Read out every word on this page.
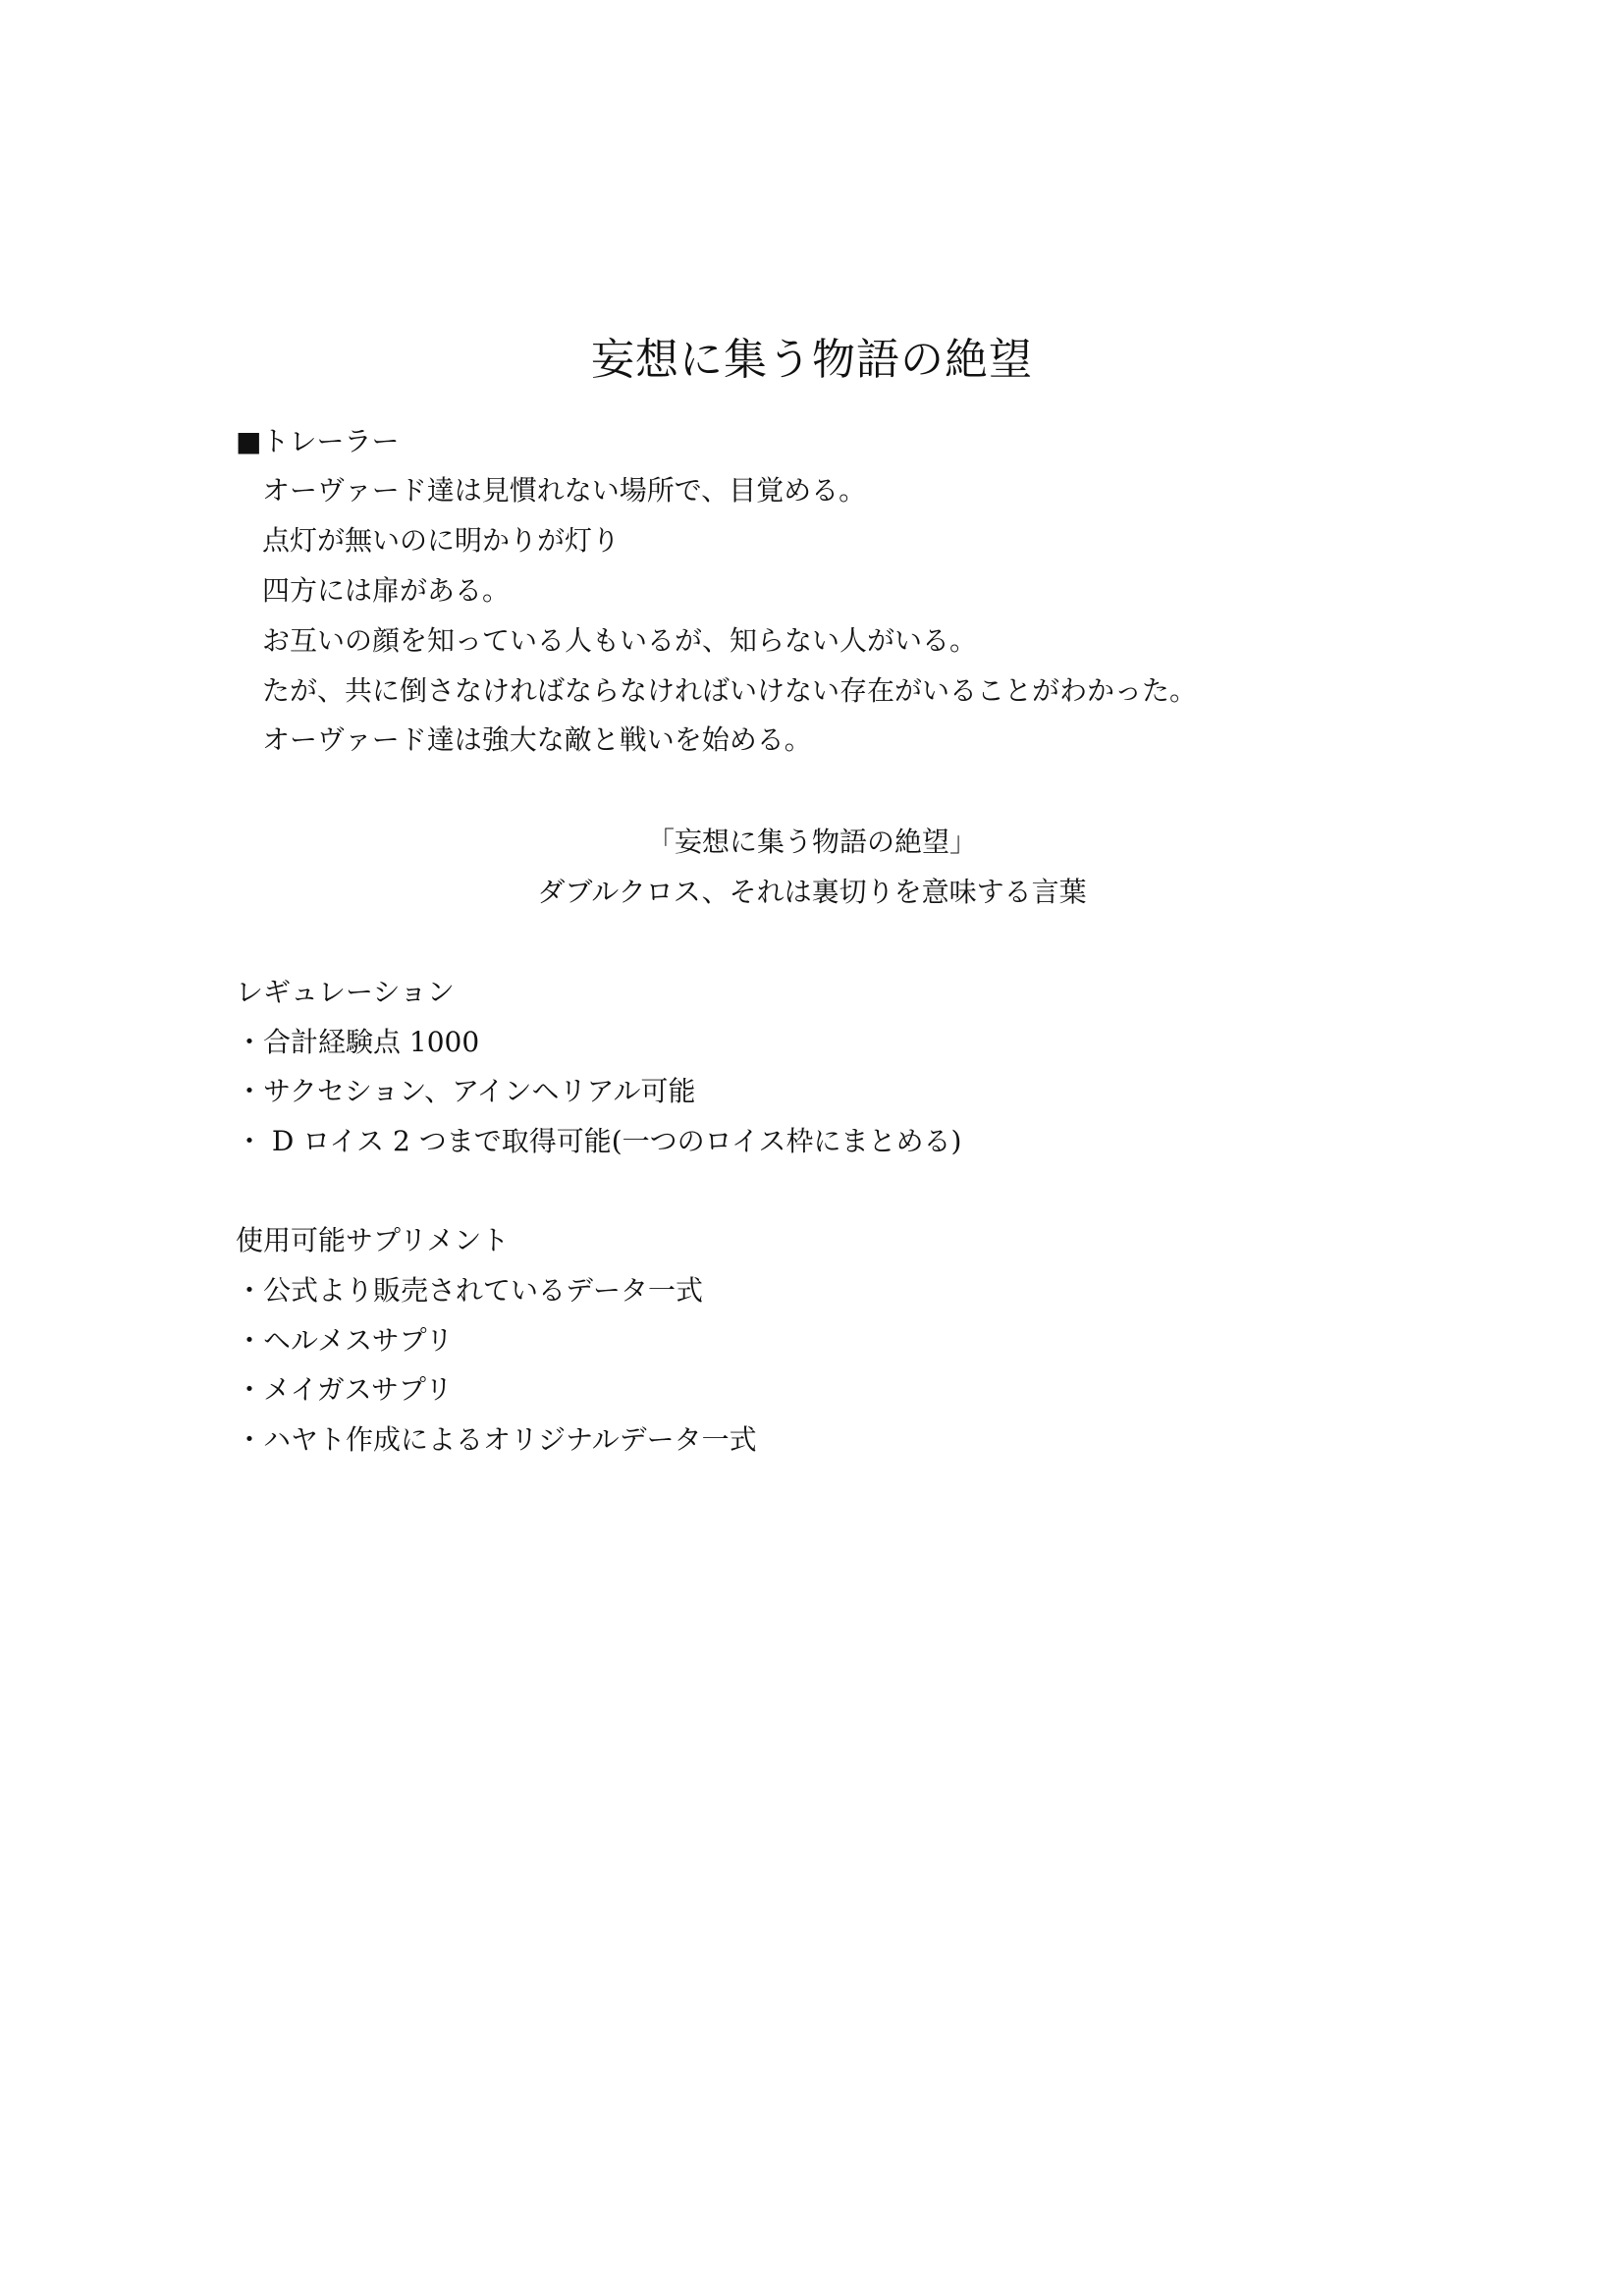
妄想に集う物語の絶望

■トレーラー

オーヴァード達は見慣れない場所で、目覚める。

点灯が無いのに明かりが灯り

四方には扉がある。

お互いの顔を知っている人もいるが、知らない人がいる。

たが、共に倒さなければならなければいけない存在がいることがわかった。

オーヴァード達は強大な敵と戦いを始める。

「妄想に集う物語の絶望」

ダブルクロス、それは裏切りを意味する言葉

レギュレーション

・合計経験点 1000

・サクセション、アインヘリアル可能

・ D ロイス 2 つまで取得可能(一つのロイス枠にまとめる)

使用可能サプリメント

・公式より販売されているデータ一式

・ヘルメスサプリ

・メイガスサプリ

・ハヤト作成によるオリジナルデータ一式
